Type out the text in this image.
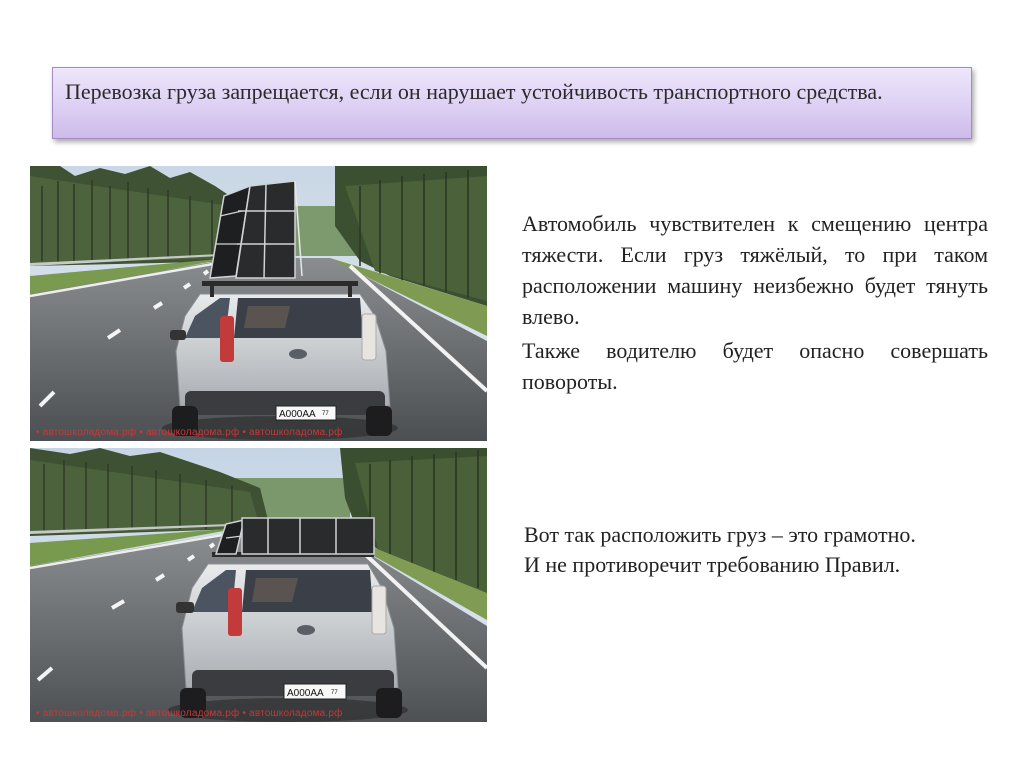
Перевозка груза запрещается, если он нарушает устойчивость транспортного средства.
А000АА 77
• автошколадома.рф • автошколадома.рф • автошколадома.рф
А000АА 77
• автошколадома.рф • автошколадома.рф • автошколадома.рф

Автомобиль чувствителен к смещению центра тяжести. Если груз тяжёлый, то при таком расположении машину неизбежно будет тянуть влево.

Также водителю будет опасно совершать повороты.

Вот так расположить груз – это грамотно.

И не противоречит требованию Правил.
